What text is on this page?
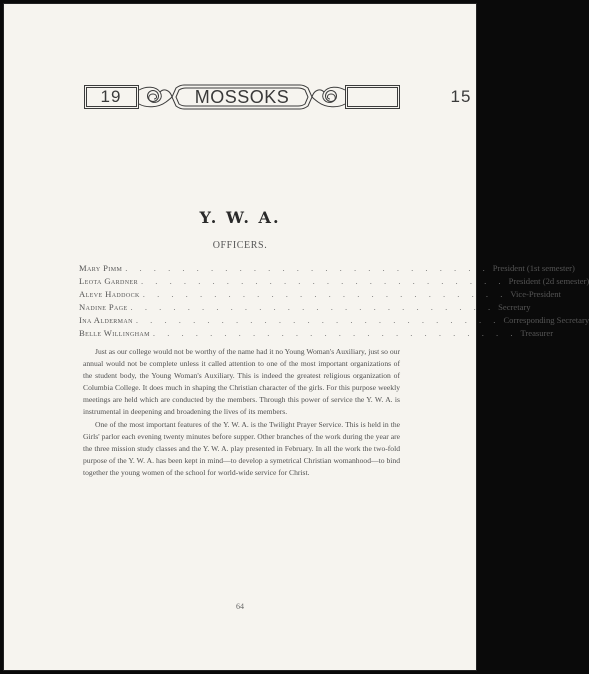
19	MOSSOKS	15
Y. W. A.
OFFICERS.
Mary Pimm . . . . . . . . . . . . . . . . . . . . . . . . . . President (1st semester)
Leota Gardner . . . . . . . . . . . . . . . . . . . . . . . . . . President (2d semester)
Aleve Haddock . . . . . . . . . . . . . . . . . . . . . . . . . . Vice-President
Nadine Page . . . . . . . . . . . . . . . . . . . . . . . . . . Secretary
Ina Alderman . . . . . . . . . . . . . . . . . . . . . . . . . . Corresponding Secretary
Belle Willingham . . . . . . . . . . . . . . . . . . . . . . . . . . Treasurer

Just as our college would not be worthy of the name had it no Young Woman's Auxiliary, just so our annual would not be complete unless it called attention to one of the most important organizations of the student body, the Young Woman's Auxiliary. This is indeed the greatest religious organization of Columbia College. It does much in shaping the Christian character of the girls. For this purpose weekly meetings are held which are conducted by the members. Through this power of service the Y. W. A. is instrumental in deepening and broadening the lives of its members.

One of the most important features of the Y. W. A. is the Twilight Prayer Service. This is held in the Girls' parlor each evening twenty minutes before supper. Other branches of the work during the year are the three mission study classes and the Y. W. A. play presented in February. In all the work the two-fold purpose of the Y. W. A. has been kept in mind—to develop a symetrical Christian womanhood—to bind together the young women of the school for world-wide service for Christ.

64
